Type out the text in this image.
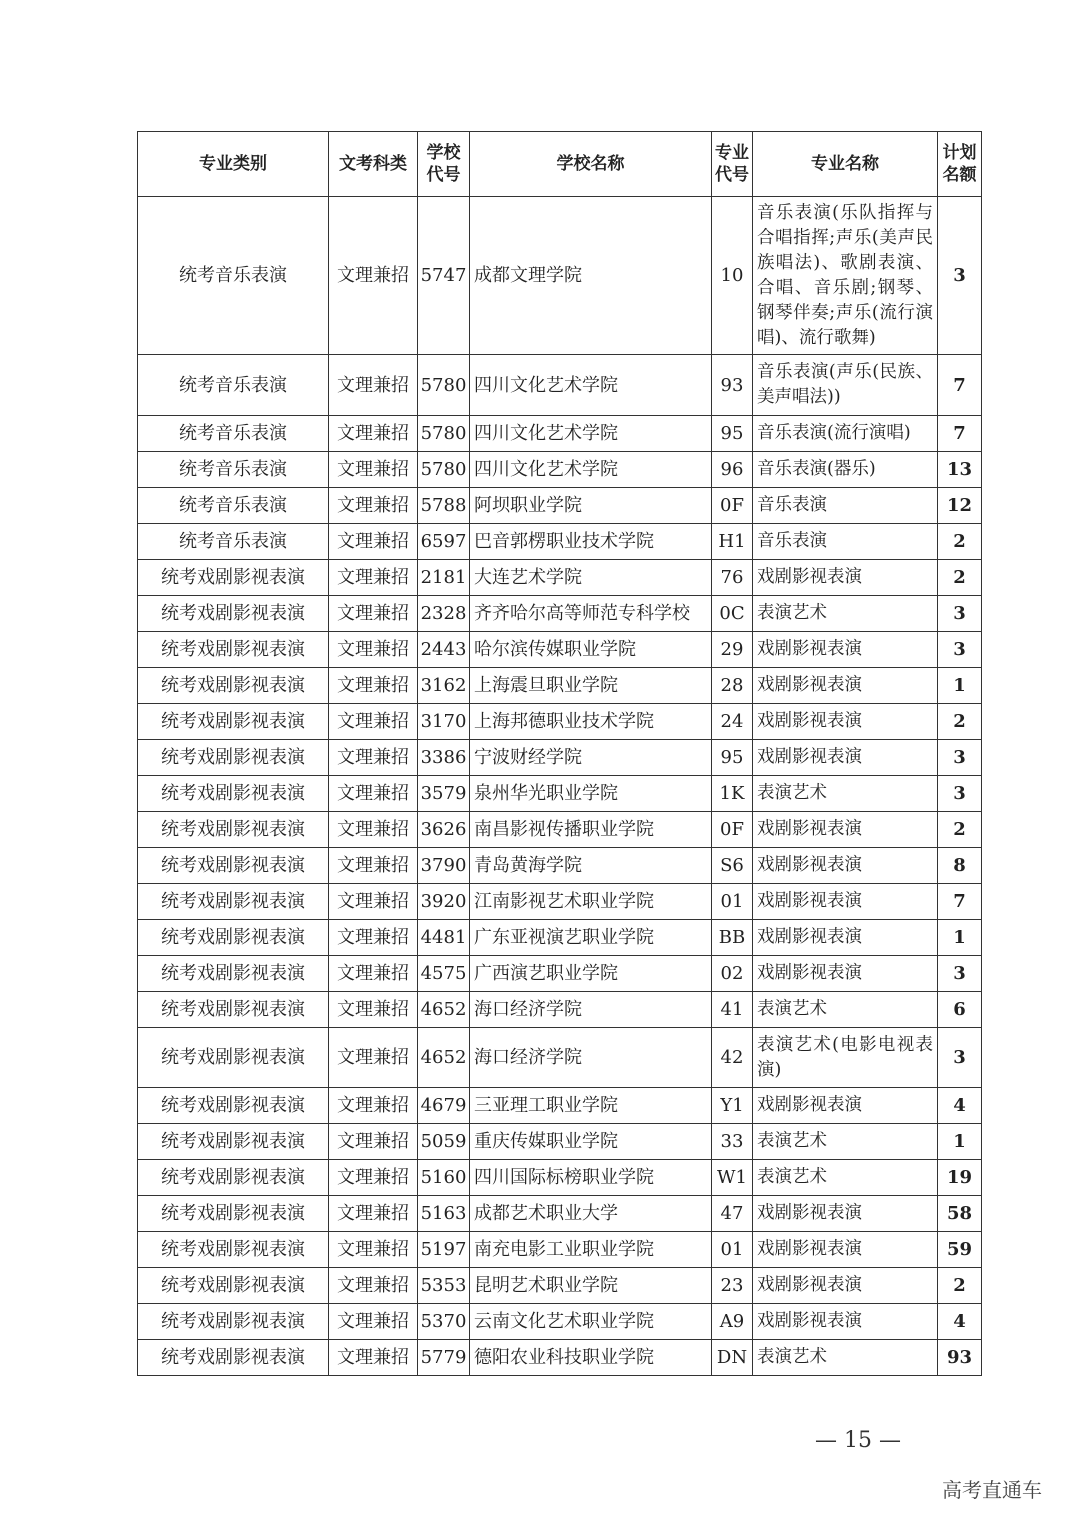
专业类别	文考科类	学校代号	学校名称	专业代号	专业名称	计划名额
统考音乐表演	文理兼招	5747	成都文理学院	10	音乐表演(乐队指挥与合唱指挥;声乐(美声民族唱法)、歌剧表演、合唱、音乐剧;钢琴、钢琴伴奏;声乐(流行演唱)、流行歌舞)	3
统考音乐表演	文理兼招	5780	四川文化艺术学院	93	音乐表演(声乐(民族、美声唱法))	7
统考音乐表演	文理兼招	5780	四川文化艺术学院	95	音乐表演(流行演唱)	7
统考音乐表演	文理兼招	5780	四川文化艺术学院	96	音乐表演(器乐)	13
统考音乐表演	文理兼招	5788	阿坝职业学院	0F	音乐表演	12
统考音乐表演	文理兼招	6597	巴音郭楞职业技术学院	H1	音乐表演	2
统考戏剧影视表演	文理兼招	2181	大连艺术学院	76	戏剧影视表演	2
统考戏剧影视表演	文理兼招	2328	齐齐哈尔高等师范专科学校	0C	表演艺术	3
统考戏剧影视表演	文理兼招	2443	哈尔滨传媒职业学院	29	戏剧影视表演	3
统考戏剧影视表演	文理兼招	3162	上海震旦职业学院	28	戏剧影视表演	1
统考戏剧影视表演	文理兼招	3170	上海邦德职业技术学院	24	戏剧影视表演	2
统考戏剧影视表演	文理兼招	3386	宁波财经学院	95	戏剧影视表演	3
统考戏剧影视表演	文理兼招	3579	泉州华光职业学院	1K	表演艺术	3
统考戏剧影视表演	文理兼招	3626	南昌影视传播职业学院	0F	戏剧影视表演	2
统考戏剧影视表演	文理兼招	3790	青岛黄海学院	S6	戏剧影视表演	8
统考戏剧影视表演	文理兼招	3920	江南影视艺术职业学院	01	戏剧影视表演	7
统考戏剧影视表演	文理兼招	4481	广东亚视演艺职业学院	BB	戏剧影视表演	1
统考戏剧影视表演	文理兼招	4575	广西演艺职业学院	02	戏剧影视表演	3
统考戏剧影视表演	文理兼招	4652	海口经济学院	41	表演艺术	6
统考戏剧影视表演	文理兼招	4652	海口经济学院	42	表演艺术(电影电视表演)	3
统考戏剧影视表演	文理兼招	4679	三亚理工职业学院	Y1	戏剧影视表演	4
统考戏剧影视表演	文理兼招	5059	重庆传媒职业学院	33	表演艺术	1
统考戏剧影视表演	文理兼招	5160	四川国际标榜职业学院	W1	表演艺术	19
统考戏剧影视表演	文理兼招	5163	成都艺术职业大学	47	戏剧影视表演	58
统考戏剧影视表演	文理兼招	5197	南充电影工业职业学院	01	戏剧影视表演	59
统考戏剧影视表演	文理兼招	5353	昆明艺术职业学院	23	戏剧影视表演	2
统考戏剧影视表演	文理兼招	5370	云南文化艺术职业学院	A9	戏剧影视表演	4
统考戏剧影视表演	文理兼招	5779	德阳农业科技职业学院	DN	表演艺术	93
— 15 —
高考直通车
